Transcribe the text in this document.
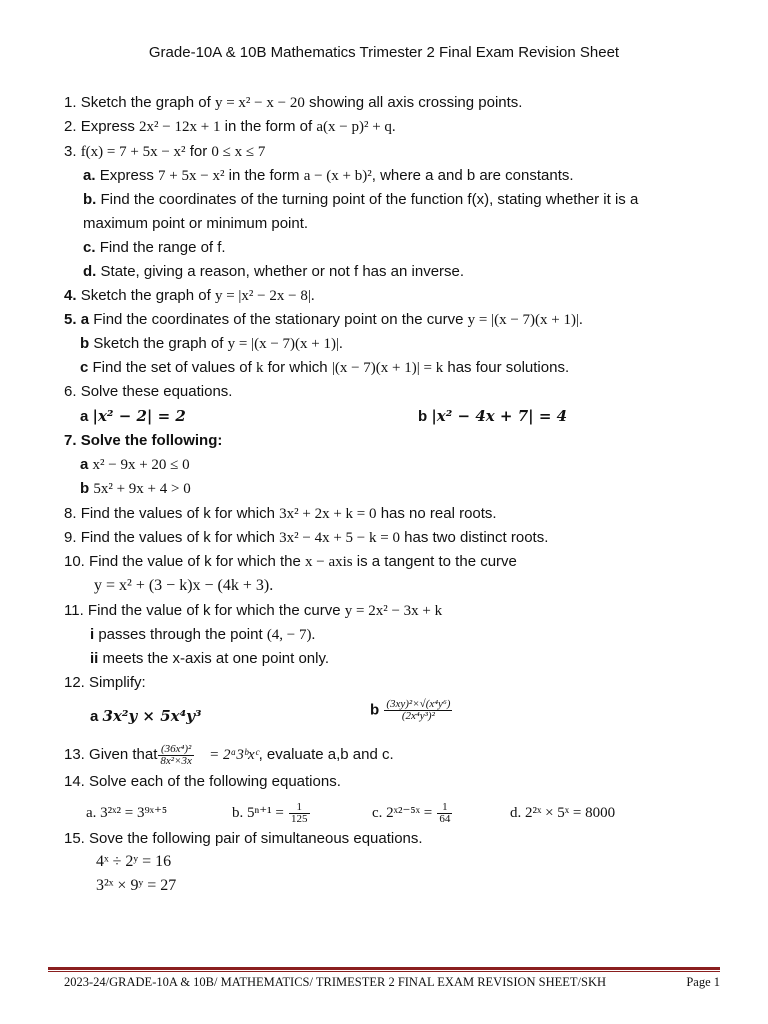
Grade-10A & 10B Mathematics Trimester 2 Final Exam Revision Sheet
1. Sketch the graph of y = x² − x − 20 showing all axis crossing points.
2. Express 2x² − 12x + 1 in the form of a(x − p)² + q.
3. f(x) = 7 + 5x − x² for 0 ≤ x ≤ 7
a. Express 7 + 5x − x² in the form a − (x + b)², where a and b are constants.
b. Find the coordinates of the turning point of the function f(x), stating whether it is a
maximum point or minimum point.
c. Find the range of f.
d. State, giving a reason, whether or not f has an inverse.
4. Sketch the graph of y = |x² − 2x − 8|.
5. a Find the coordinates of the stationary point on the curve y = |(x − 7)(x + 1)|.
b Sketch the graph of y = |(x − 7)(x + 1)|.
c Find the set of values of k for which |(x − 7)(x + 1)| = k has four solutions.
6. Solve these equations.
a |x² − 2| = 2	b |x² − 4x + 7| = 4
7. Solve the following:
a x² − 9x + 20 ≤ 0
b 5x² + 9x + 4 > 0
8. Find the values of k for which 3x² + 2x + k = 0 has no real roots.
9. Find the values of k for which 3x² − 4x + 5 − k = 0 has two distinct roots.
10. Find the value of k for which the x − axis is a tangent to the curve
y = x² + (3 − k)x − (4k + 3).
11. Find the value of k for which the curve y = 2x² − 3x + k
i passes through the point (4, − 7).
ii meets the x-axis at one point only.
12. Simplify:
a 3x²y × 5x⁴y³	b $\frac{\text{(3xy)²×√(x⁴y⁶)}}{\text{(2x⁴y³)²}}$
13. Given that $\frac{\text{(36x⁴)²}}{\text{8x²×3x}}$ = 2ᵃ3ᵇxᶜ, evaluate a,b and c.
14. Solve each of the following equations.
a. 3²ˣ² = 3⁹ˣ⁺⁵	b. $5^{n+1} = \frac{1}{125}$	c. 2ˣ²⁻⁵ˣ = $\frac{1}{64}$	d. 2²ˣ × 5ˣ = 8000
15. Sove the following pair of simultaneous equations.
4ˣ ÷ 2ʸ = 16
3²ˣ × 9ʸ = 27
2023-24/GRADE-10A & 10B/ MATHEMATICS/ TRIMESTER 2 FINAL EXAM REVISION SHEET/SKH	Page 1
